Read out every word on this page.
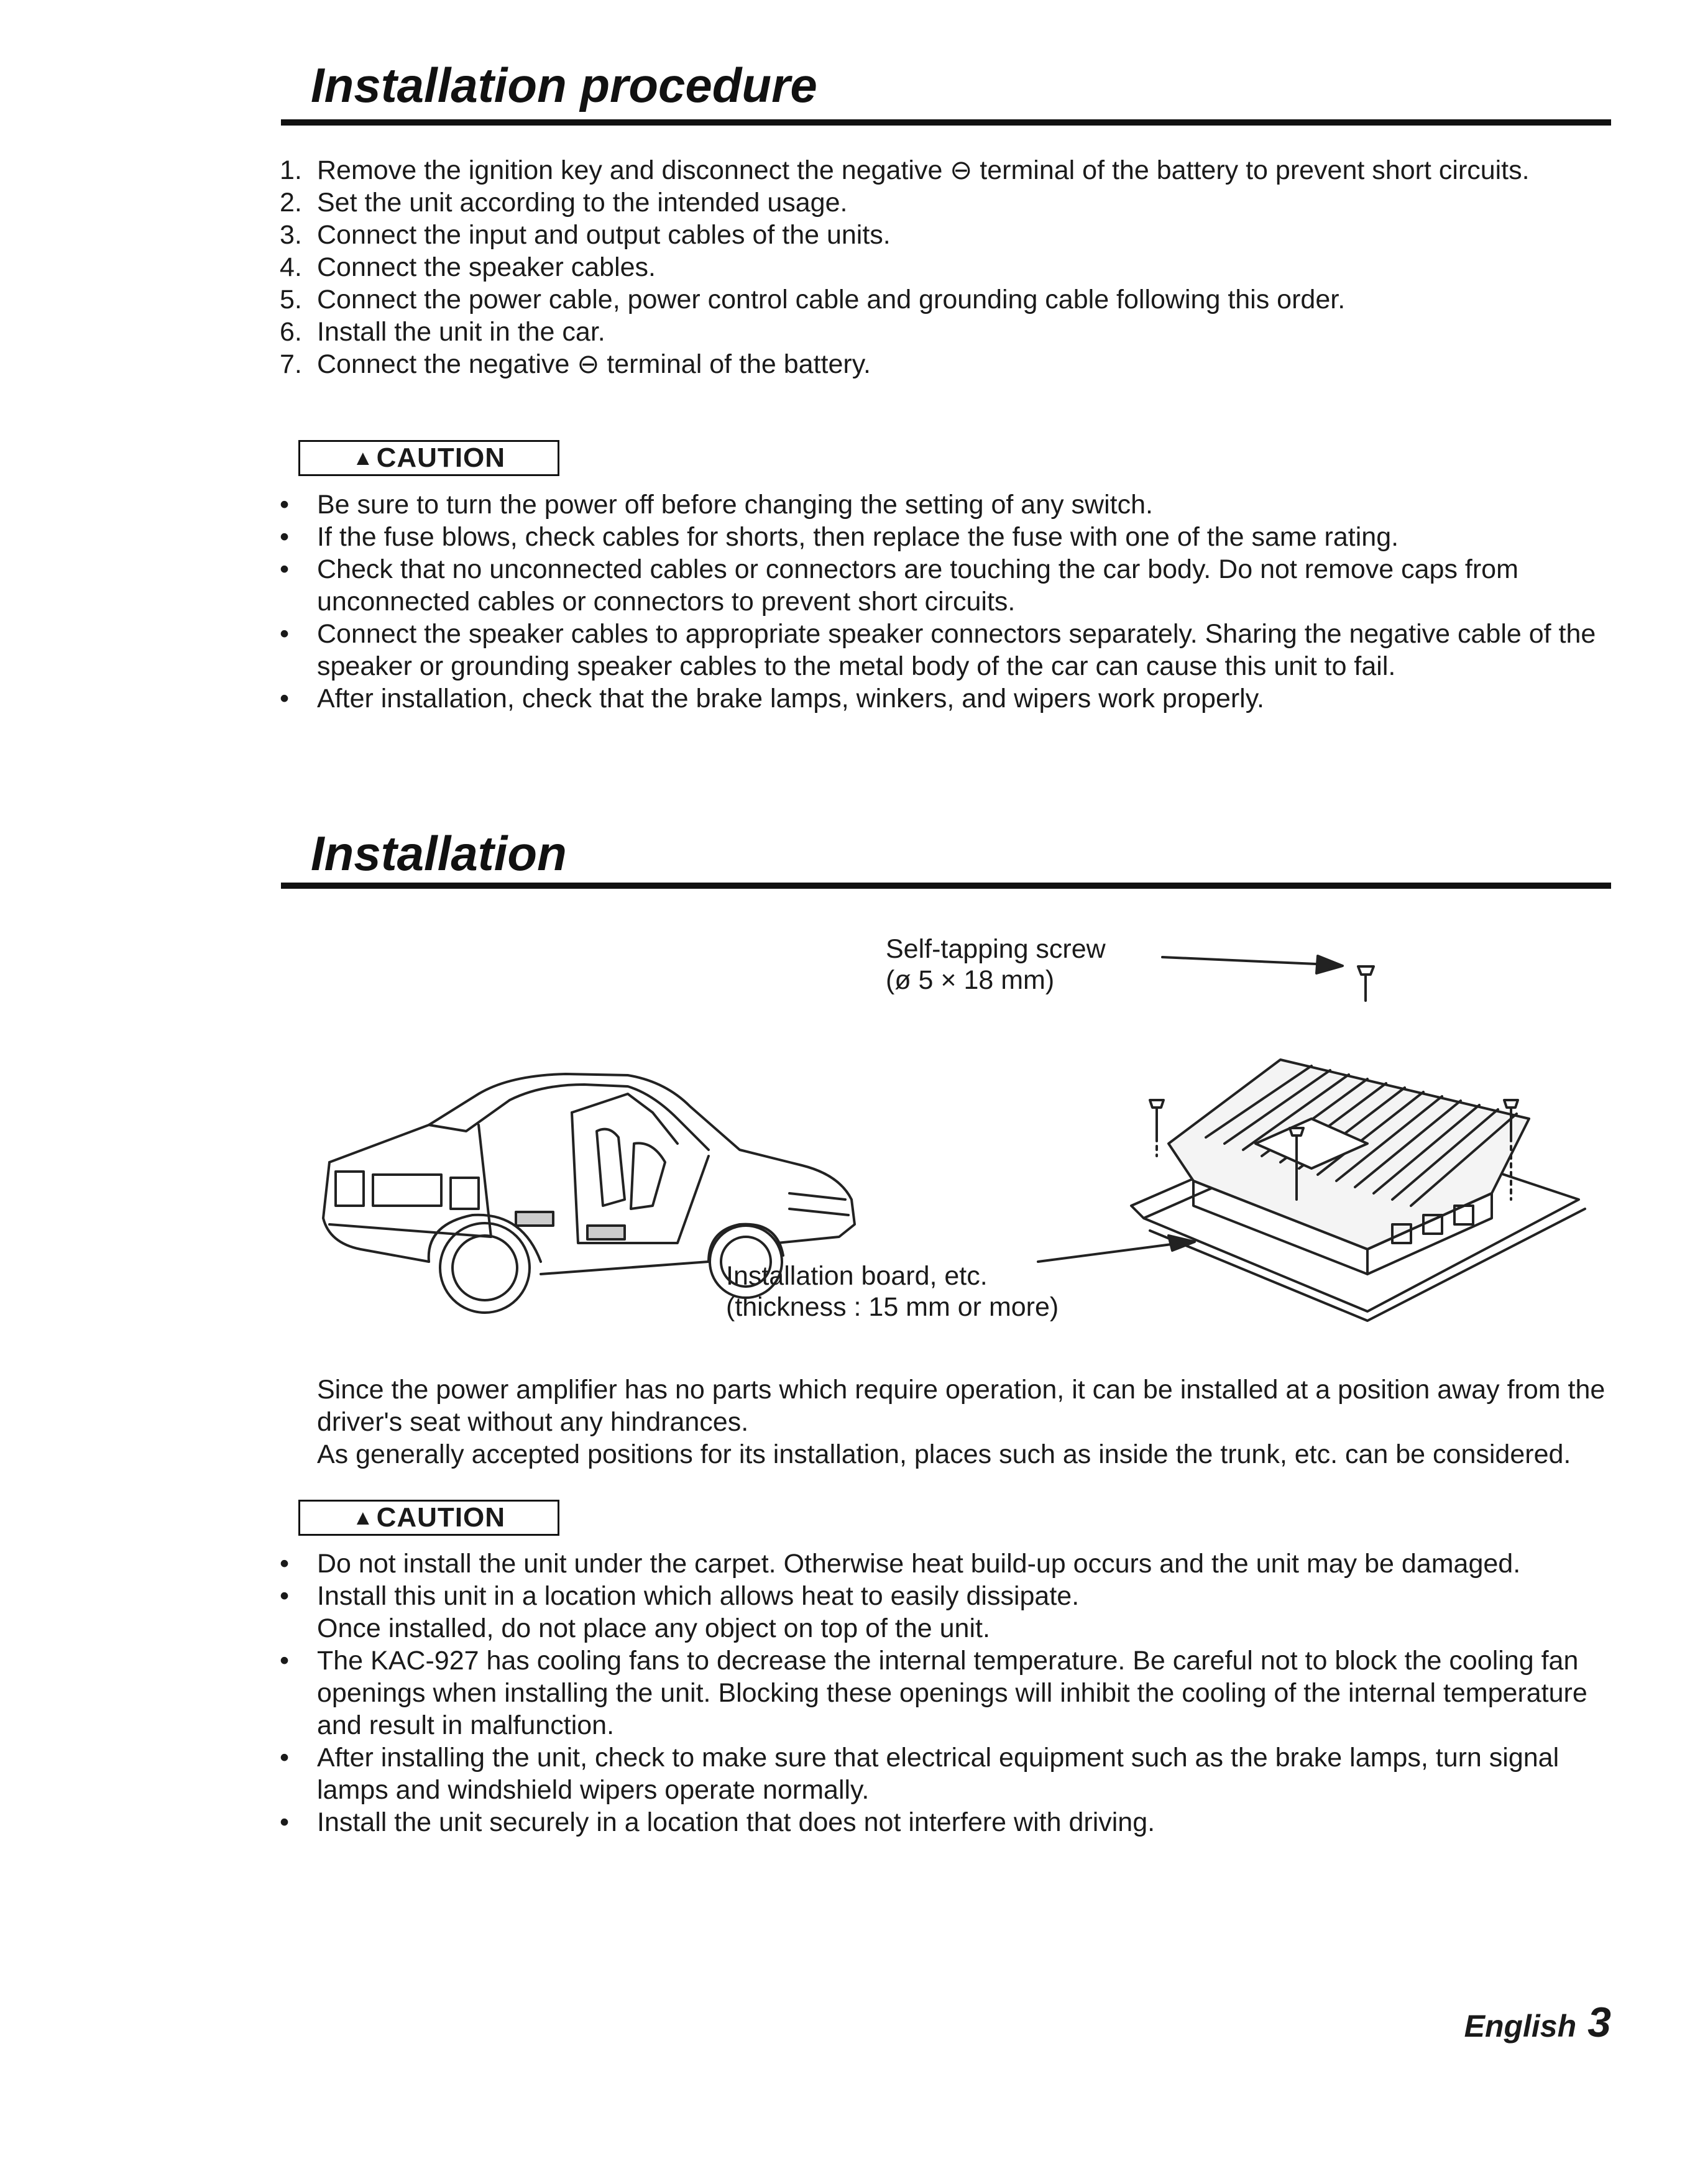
Installation procedure
1. Remove the ignition key and disconnect the negative ⊖ terminal of the battery to prevent short circuits.
2. Set the unit according to the intended usage.
3. Connect the input and output cables of the units.
4. Connect the speaker cables.
5. Connect the power cable, power control cable and grounding cable following this order.
6. Install the unit in the car.
7. Connect the negative ⊖ terminal of the battery.
▲ CAUTION
• Be sure to turn the power off before changing the setting of any switch.
• If the fuse blows, check cables for shorts, then replace the fuse with one of the same rating.
• Check that no unconnected cables or connectors are touching the car body. Do not remove caps from unconnected cables or connectors to prevent short circuits.
• Connect the speaker cables to appropriate speaker connectors separately. Sharing the negative cable of the speaker or grounding speaker cables to the metal body of the car can cause this unit to fail.
• After installation, check that the brake lamps, winkers, and wipers work properly.
Installation
Self-tapping screw
(ø 5 × 18 mm)
Installation board, etc.
(thickness : 15 mm or more)

Since the power amplifier has no parts which require operation, it can be installed at a position away from the driver's seat without any hindrances.

As generally accepted positions for its installation, places such as inside the trunk, etc. can be considered.

▲ CAUTION
• Do not install the unit under the carpet. Otherwise heat build-up occurs and the unit may be damaged.
• Install this unit in a location which allows heat to easily dissipate.
Once installed, do not place any object on top of the unit.
• The KAC-927 has cooling fans to decrease the internal temperature. Be careful not to block the cooling fan openings when installing the unit. Blocking these openings will inhibit the cooling of the internal temperature and result in malfunction.
• After installing the unit, check to make sure that electrical equipment such as the brake lamps, turn signal lamps and windshield wipers operate normally.
• Install the unit securely in a location that does not interfere with driving.
English 3
